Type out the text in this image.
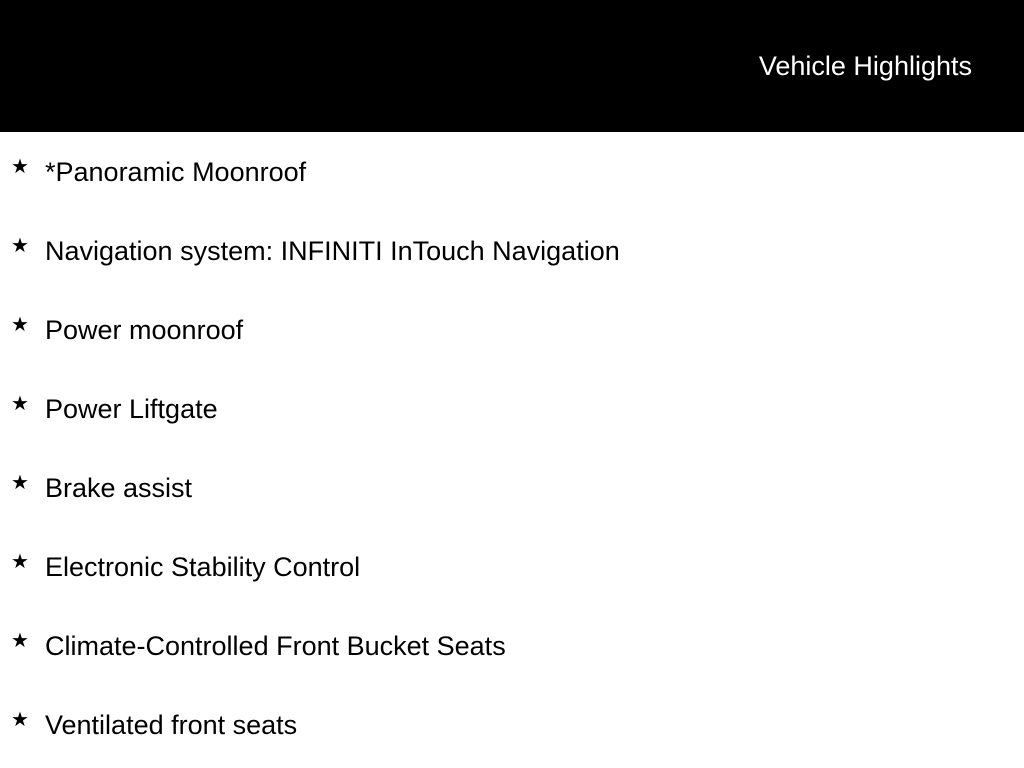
Vehicle Highlights
★ *Panoramic Moonroof
★ Navigation system: INFINITI InTouch Navigation
★ Power moonroof
★ Power Liftgate
★ Brake assist
★ Electronic Stability Control
★ Climate-Controlled Front Bucket Seats
★ Ventilated front seats
